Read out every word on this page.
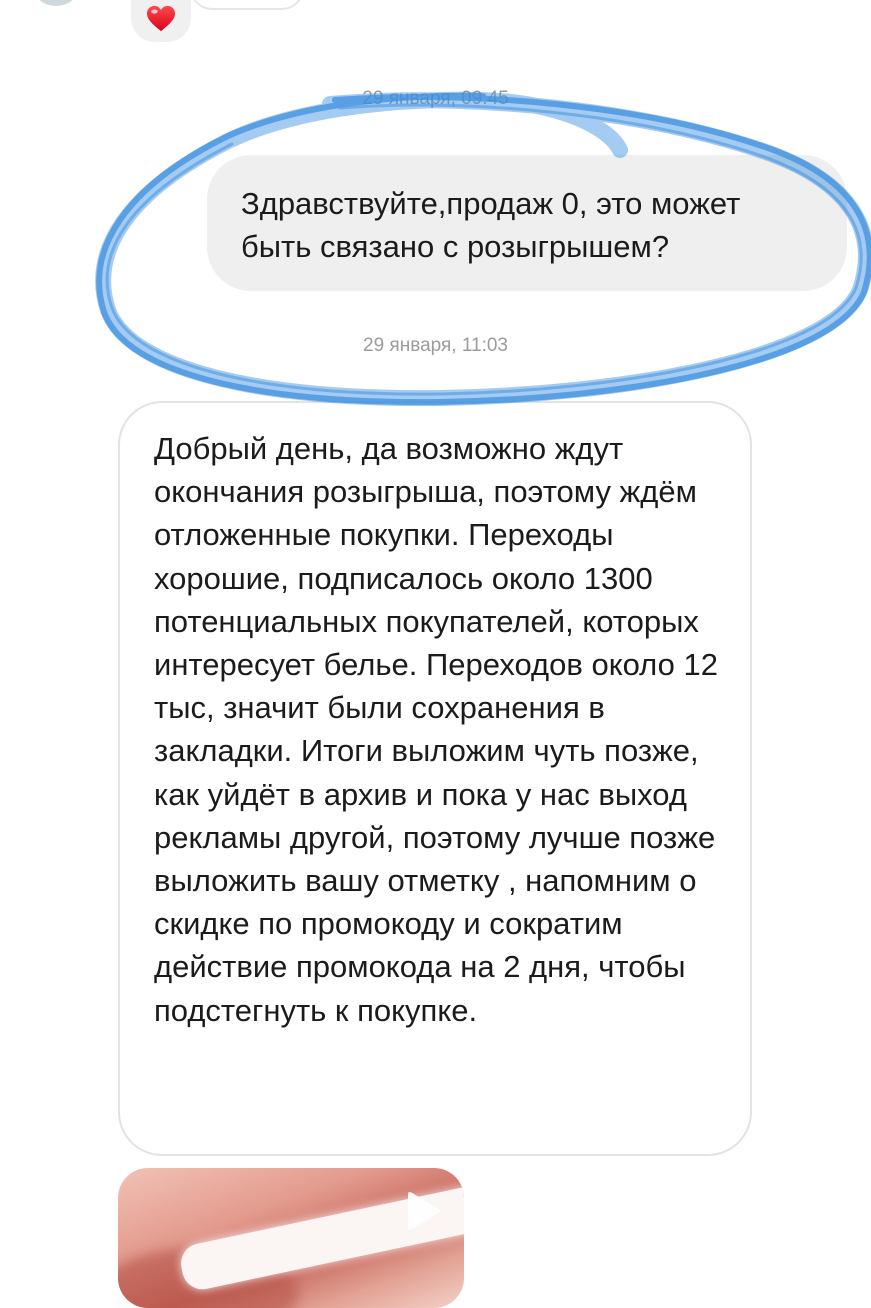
29 января, 09:45
Здравствуйте,продаж 0, это может быть связано с розыгрышем?
29 января, 11:03

Добрый день, да возможно ждут окончания розыгрыша, поэтому ждём отложенные покупки. Переходы хорошие, подписалось около 1300 потенциальных покупателей, которых интересует белье. Переходов около 12 тыс, значит были сохранения в закладки. Итоги выложим чуть позже, как уйдёт в архив и пока у нас выход рекламы другой, поэтому лучше позже выложить вашу отметку , напомним о скидке по промокоду и сократим действие промокода на 2 дня, чтобы подстегнуть к покупке.
